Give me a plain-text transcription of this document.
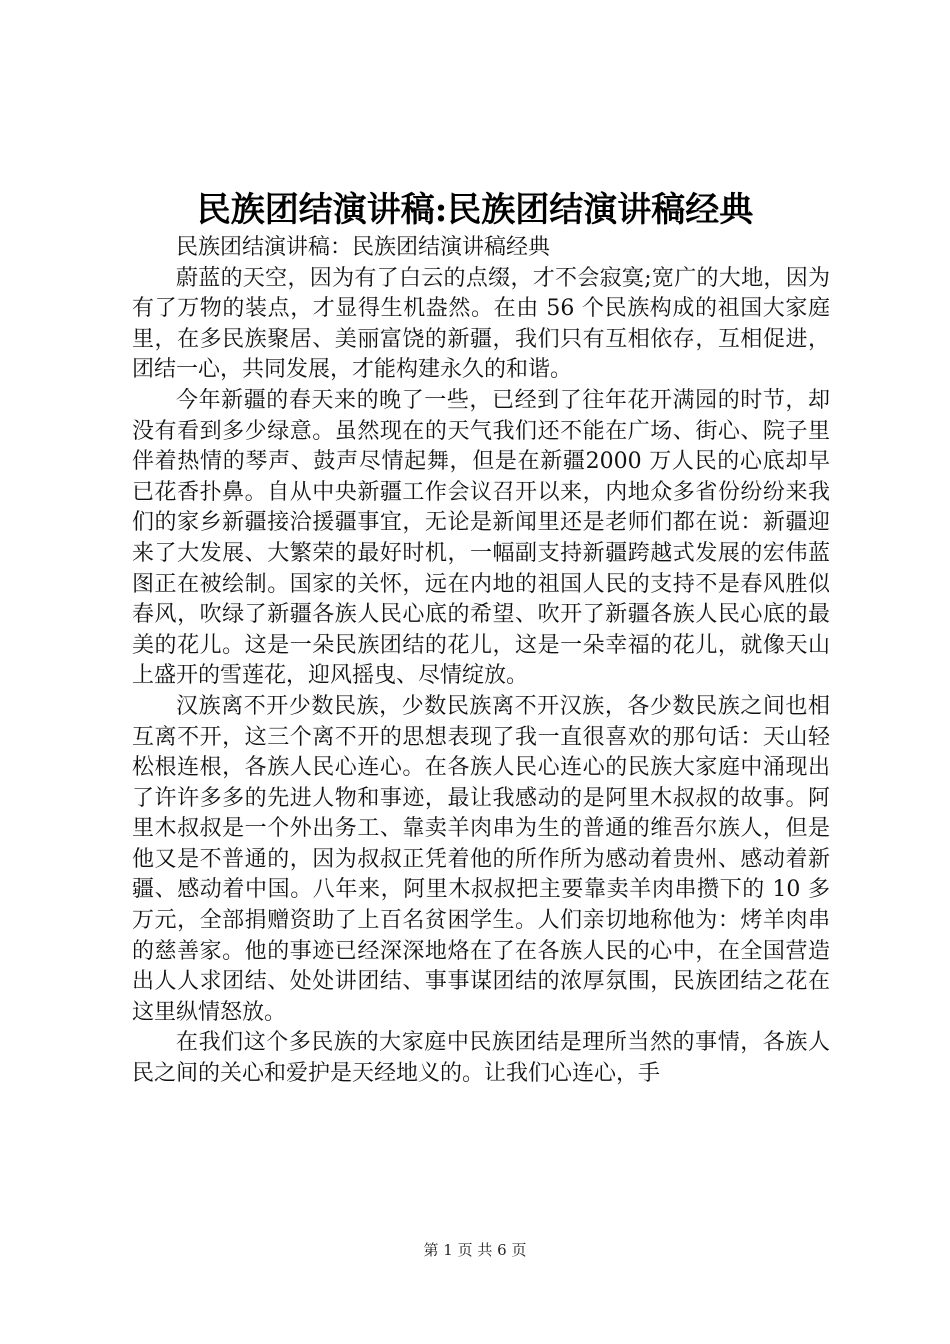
民族团结演讲稿:民族团结演讲稿经典

民族团结演讲稿：民族团结演讲稿经典

蔚蓝的天空，因为有了白云的点缀，才不会寂寞;宽广的大地，因为有了万物的装点，才显得生机盎然。在由 56 个民族构成的祖国大家庭里，在多民族聚居、美丽富饶的新疆，我们只有互相依存，互相促进，团结一心，共同发展，才能构建永久的和谐。

今年新疆的春天来的晚了一些，已经到了往年花开满园的时节，却没有看到多少绿意。虽然现在的天气我们还不能在广场、街心、院子里伴着热情的琴声、鼓声尽情起舞，但是在新疆2000 万人民的心底却早已花香扑鼻。自从中央新疆工作会议召开以来，内地众多省份纷纷来我们的家乡新疆接洽援疆事宜，无论是新闻里还是老师们都在说：新疆迎来了大发展、大繁荣的最好时机，一幅副支持新疆跨越式发展的宏伟蓝图正在被绘制。国家的关怀，远在内地的祖国人民的支持不是春风胜似春风，吹绿了新疆各族人民心底的希望、吹开了新疆各族人民心底的最美的花儿。这是一朵民族团结的花儿，这是一朵幸福的花儿，就像天山上盛开的雪莲花，迎风摇曳、尽情绽放。

汉族离不开少数民族，少数民族离不开汉族，各少数民族之间也相互离不开，这三个离不开的思想表现了我一直很喜欢的那句话：天山轻松根连根，各族人民心连心。在各族人民心连心的民族大家庭中涌现出了许许多多的先进人物和事迹，最让我感动的是阿里木叔叔的故事。阿里木叔叔是一个外出务工、靠卖羊肉串为生的普通的维吾尔族人，但是他又是不普通的，因为叔叔正凭着他的所作所为感动着贵州、感动着新疆、感动着中国。八年来，阿里木叔叔把主要靠卖羊肉串攒下的 10 多万元，全部捐赠资助了上百名贫困学生。人们亲切地称他为：烤羊肉串的慈善家。他的事迹已经深深地烙在了在各族人民的心中，在全国营造出人人求团结、处处讲团结、事事谋团结的浓厚氛围，民族团结之花在这里纵情怒放。

在我们这个多民族的大家庭中民族团结是理所当然的事情，各族人民之间的关心和爱护是天经地义的。让我们心连心，手

第 1 页 共 6 页
